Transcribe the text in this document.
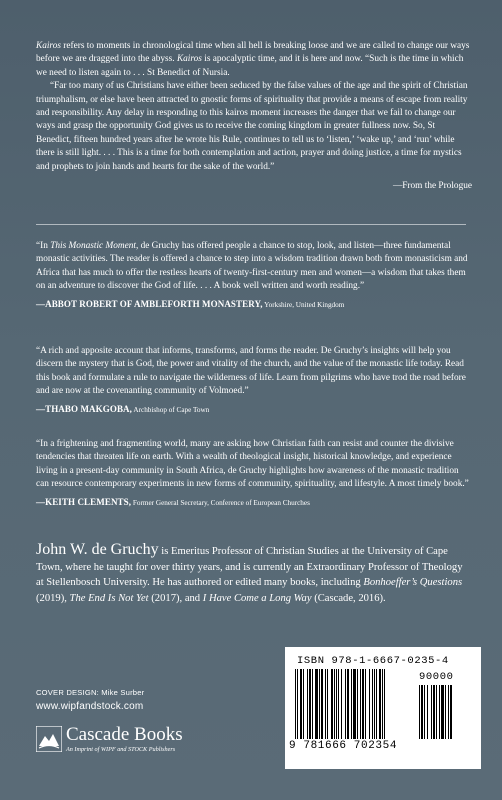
Kairos refers to moments in chronological time when all hell is breaking loose and we are called to change our ways before we are dragged into the abyss. Kairos is apocalyptic time, and it is here and now. “Such is the time in which we need to listen again to . . . St Benedict of Nursia.

“Far too many of us Christians have either been seduced by the false values of the age and the spirit of Christian triumphalism, or else have been attracted to gnostic forms of spirituality that provide a means of escape from reality and responsibility. Any delay in responding to this kairos moment increases the danger that we fail to change our ways and grasp the opportunity God gives us to receive the coming kingdom in greater fullness now. So, St Benedict, fifteen hundred years after he wrote his Rule, continues to tell us to ‘listen,’ ‘wake up,’ and ‘run’ while there is still light. . . . This is a time for both contemplation and action, prayer and doing justice, a time for mystics and prophets to join hands and hearts for the sake of the world.”

—From the Prologue

“In This Monastic Moment, de Gruchy has offered people a chance to stop, look, and listen—three fundamental monastic activities. The reader is offered a chance to step into a wisdom tradition drawn both from monasticism and Africa that has much to offer the restless hearts of twenty-first-century men and women—a wisdom that takes them on an adventure to discover the God of life. . . . A book well written and worth reading.”

—ABBOT ROBERT OF AMBLEFORTH MONASTERY, Yorkshire, United Kingdom

“A rich and apposite account that informs, transforms, and forms the reader. De Gruchy’s insights will help you discern the mystery that is God, the power and vitality of the church, and the value of the monastic life today. Read this book and formulate a rule to navigate the wilderness of life. Learn from pilgrims who have trod the road before and are now at the covenanting community of Volmoed.”

—THABO MAKGOBA, Archbishop of Cape Town

“In a frightening and fragmenting world, many are asking how Christian faith can resist and counter the divisive tendencies that threaten life on earth. With a wealth of theological insight, historical knowledge, and experience living in a present-day community in South Africa, de Gruchy highlights how awareness of the monastic tradition can resource contemporary experiments in new forms of community, spirituality, and lifestyle. A most timely book.”

—KEITH CLEMENTS, Former General Secretary, Conference of European Churches

John W. de Gruchy is Emeritus Professor of Christian Studies at the University of Cape Town, where he taught for over thirty years, and is currently an Extraordinary Professor of Theology at Stellenbosch University. He has authored or edited many books, including Bonhoeffer’s Questions (2019), The End Is Not Yet (2017), and I Have Come a Long Way (Cascade, 2016).

COVER DESIGN: Mike Surber
www.wipfandstock.com
Cascade Books
An Imprint of WIPF and STOCK Publishers
ISBN 978-1-6667-0235-4
90000
9 781666 702354
